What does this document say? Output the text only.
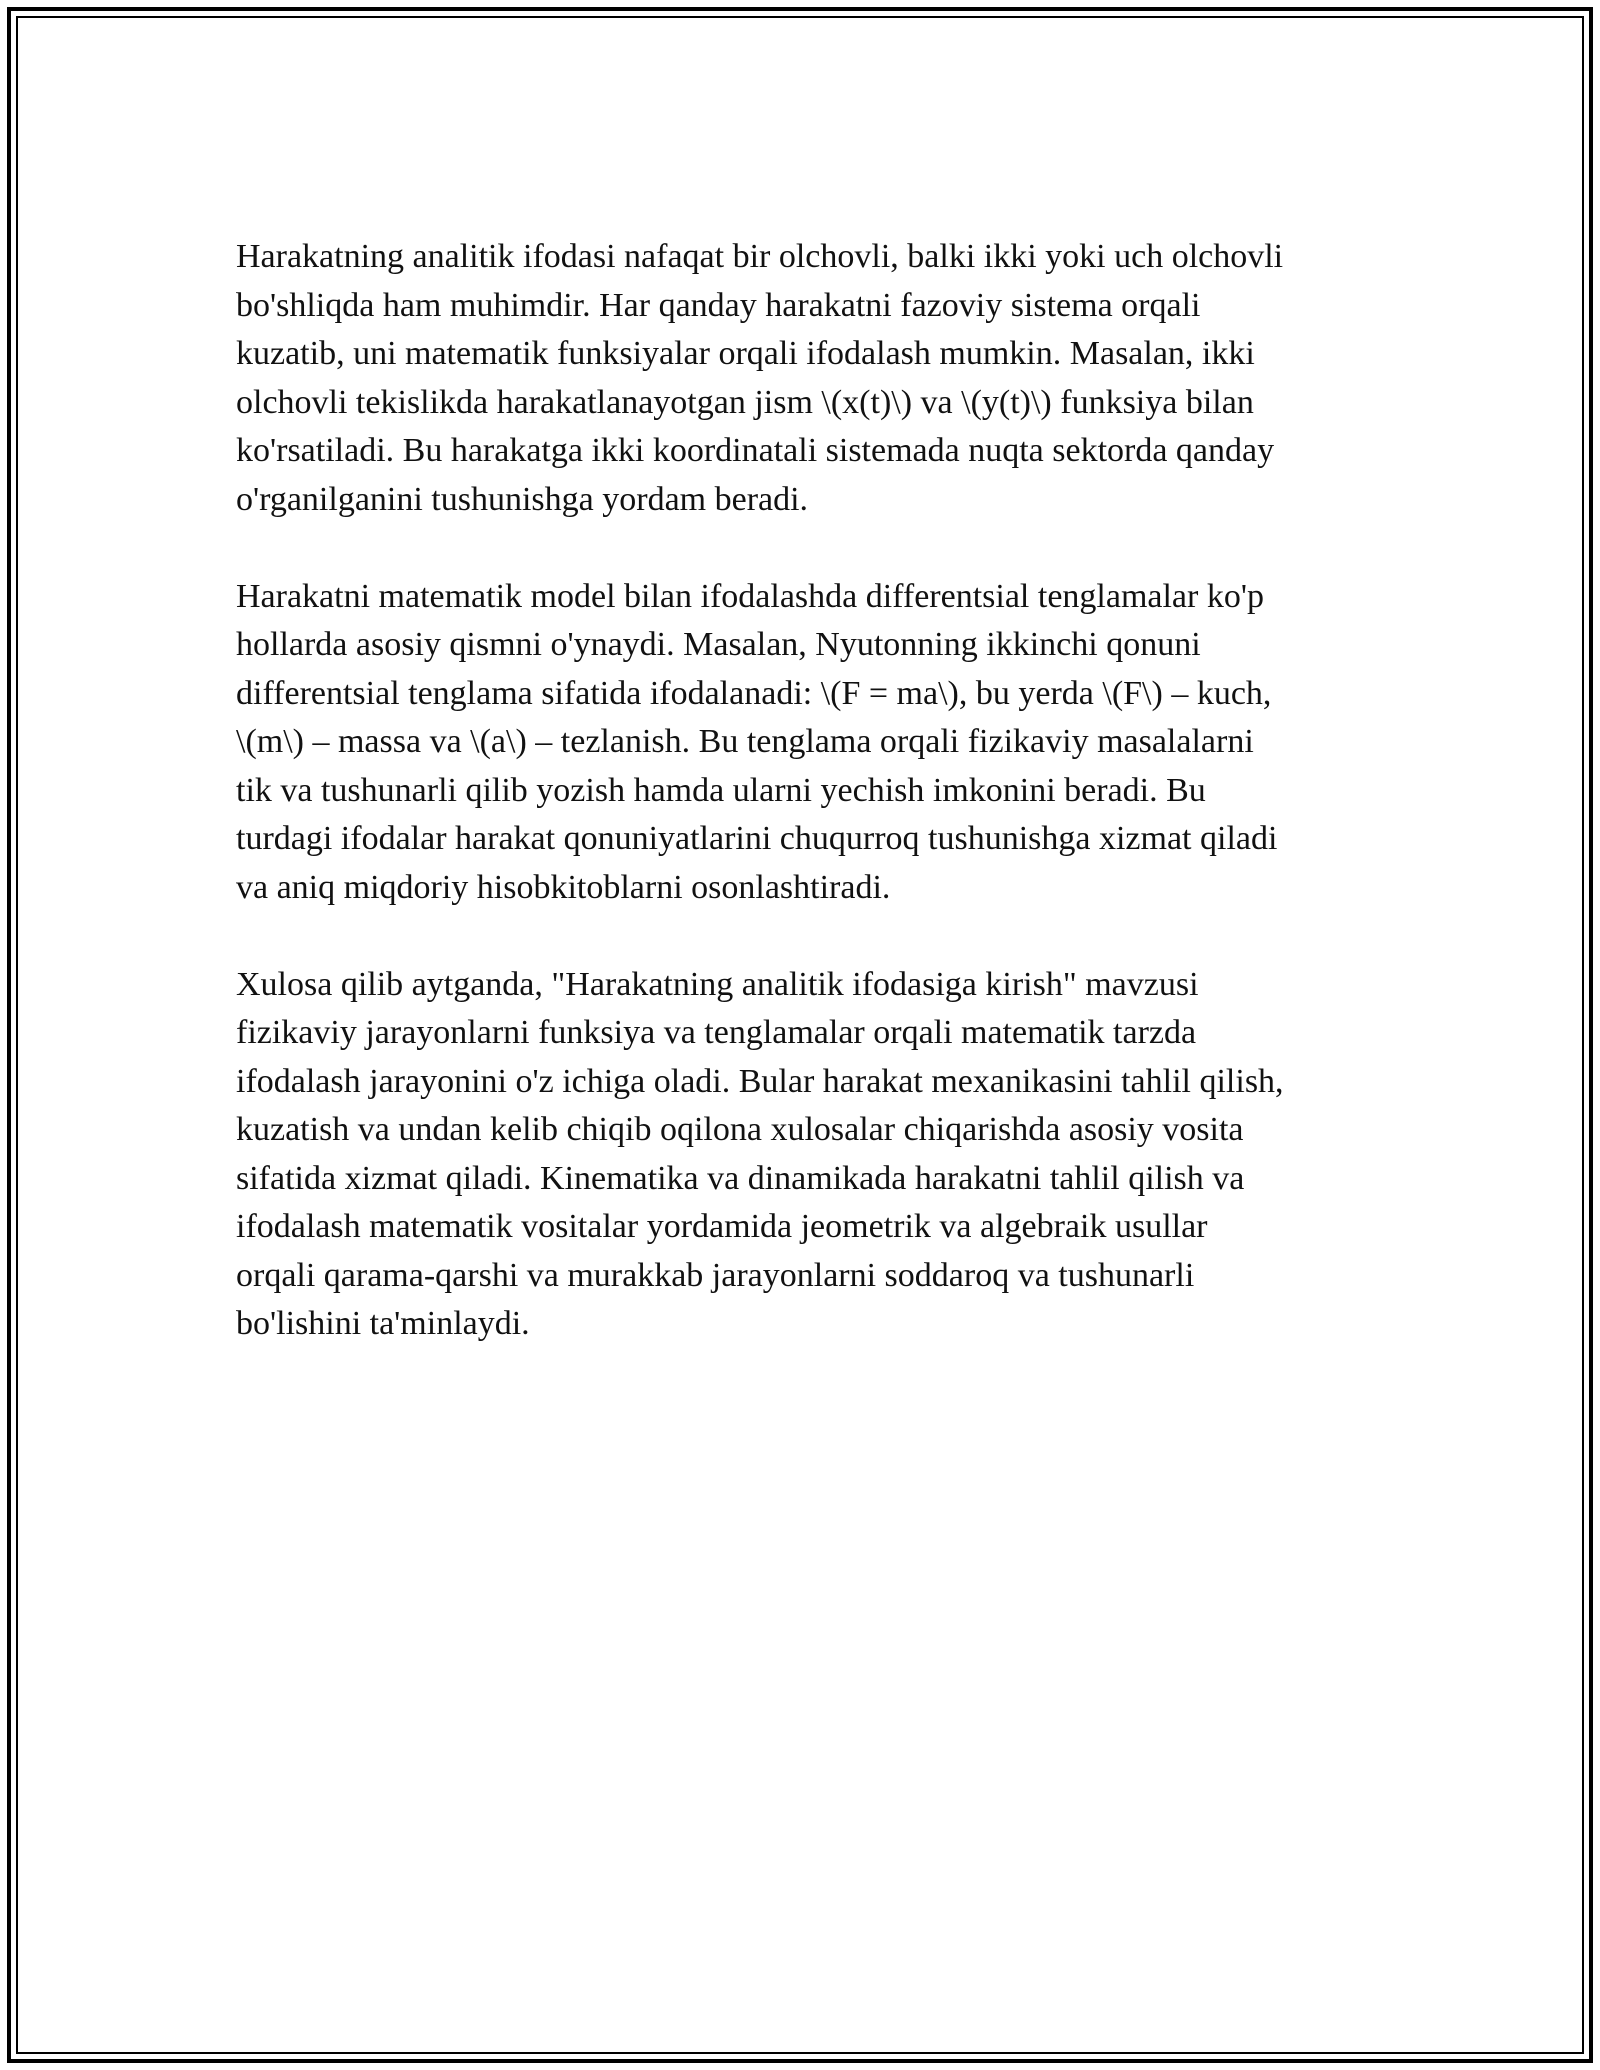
Harakatning analitik ifodasi nafaqat bir olchovli, balki ikki yoki uch olchovli
bo'shliqda ham muhimdir. Har qanday harakatni fazoviy sistema orqali
kuzatib, uni matematik funksiyalar orqali ifodalash mumkin. Masalan, ikki
olchovli tekislikda harakatlanayotgan jism \(x(t)\) va \(y(t)\) funksiya bilan
ko'rsatiladi. Bu harakatga ikki koordinatali sistemada nuqta sektorda qanday
o'rganilganini tushunishga yordam beradi.

Harakatni matematik model bilan ifodalashda differentsial tenglamalar ko'p
hollarda asosiy qismni o'ynaydi. Masalan, Nyutonning ikkinchi qonuni
differentsial tenglama sifatida ifodalanadi: \(F = ma\), bu yerda \(F\) – kuch,
\(m\) – massa va \(a\) – tezlanish. Bu tenglama orqali fizikaviy masalalarni
tik va tushunarli qilib yozish hamda ularni yechish imkonini beradi. Bu
turdagi ifodalar harakat qonuniyatlarini chuqurroq tushunishga xizmat qiladi
va aniq miqdoriy hisobkitoblarni osonlashtiradi.

Xulosa qilib aytganda, "Harakatning analitik ifodasiga kirish" mavzusi
fizikaviy jarayonlarni funksiya va tenglamalar orqali matematik tarzda
ifodalash jarayonini o'z ichiga oladi. Bular harakat mexanikasini tahlil qilish,
kuzatish va undan kelib chiqib oqilona xulosalar chiqarishda asosiy vosita
sifatida xizmat qiladi. Kinematika va dinamikada harakatni tahlil qilish va
ifodalash matematik vositalar yordamida jeometrik va algebraik usullar
orqali qarama-qarshi va murakkab jarayonlarni soddaroq va tushunarli
bo'lishini ta'minlaydi.
